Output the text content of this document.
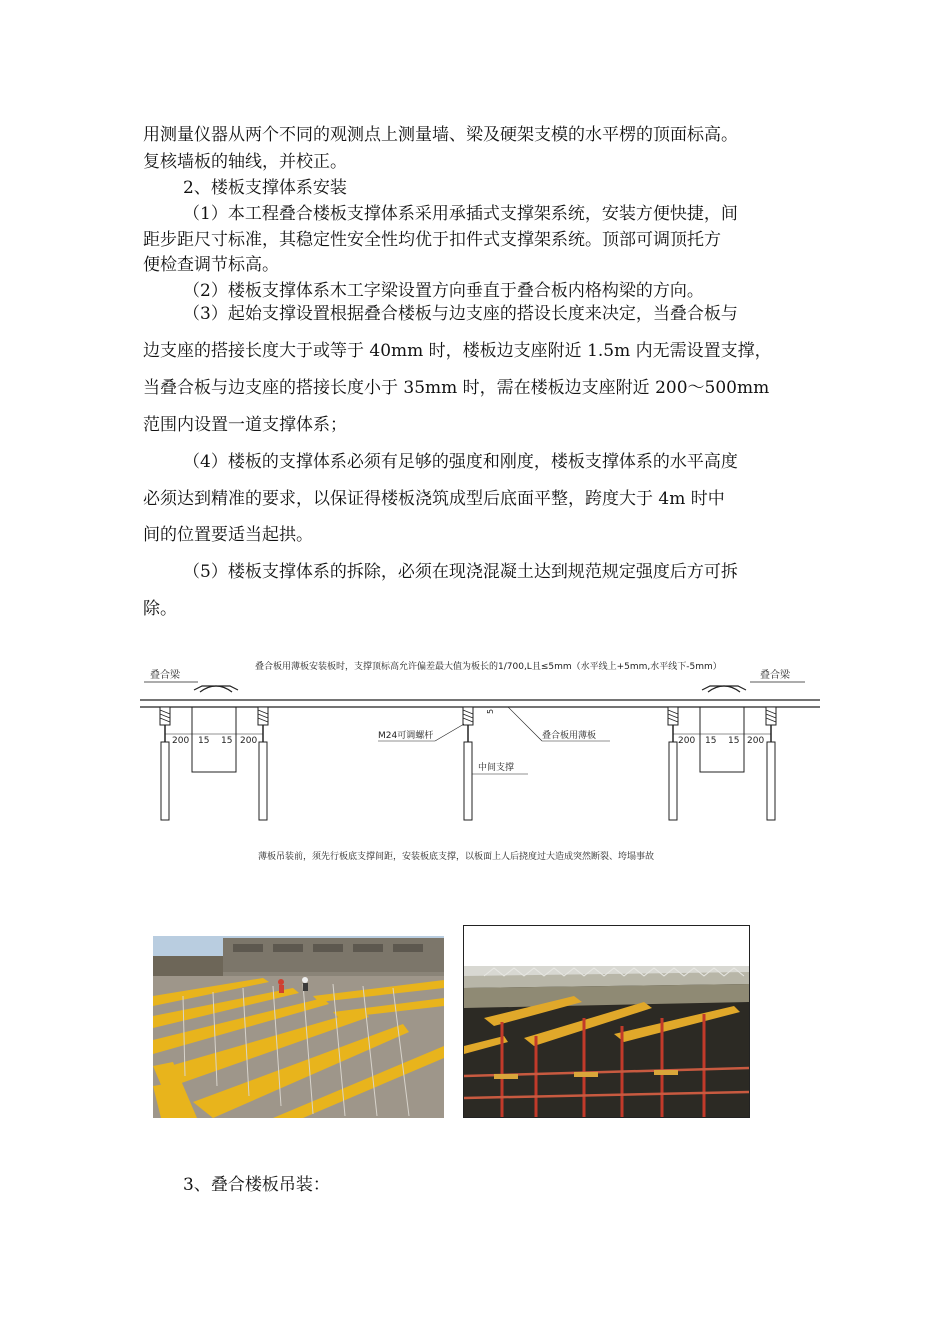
用测量仪器从两个不同的观测点上测量墙、梁及硬架支模的水平楞的顶面标高。
复核墙板的轴线，并校正。
2、楼板支撑体系安装
（1）本工程叠合楼板支撑体系采用承插式支撑架系统，安装方便快捷，间
距步距尺寸标准，其稳定性安全性均优于扣件式支撑架系统。顶部可调顶托方
便检查调节标高。
（2）楼板支撑体系木工字梁设置方向垂直于叠合板内格构梁的方向。
（3）起始支撑设置根据叠合楼板与边支座的搭设长度来决定，当叠合板与
边支座的搭接长度大于或等于 40mm 时，楼板边支座附近 1.5m 内无需设置支撑，
当叠合板与边支座的搭接长度小于 35mm 时，需在楼板边支座附近 200～500mm
范围内设置一道支撑体系；
（4）楼板的支撑体系必须有足够的强度和刚度，楼板支撑体系的水平高度
必须达到精准的要求，以保证得楼板浇筑成型后底面平整，跨度大于 4m 时中
间的位置要适当起拱。
（5）楼板支撑体系的拆除，必须在现浇混凝土达到规范规定强度后方可拆
除。
叠合板用薄板安装板时，支撑顶标高允许偏差最大值为板长的1/700,L且≤5mm（水平线上+5mm,水平线下-5mm）
叠合梁	叠合梁
200 15 15 200	200 15 15 200
M24可调螺杆
5
叠合板用薄板
中间支撑
薄板吊装前，须先行板底支撑间距，安装板底支撑，以板面上人后挠度过大造成突然断裂、垮塌事故
3、叠合楼板吊装：
